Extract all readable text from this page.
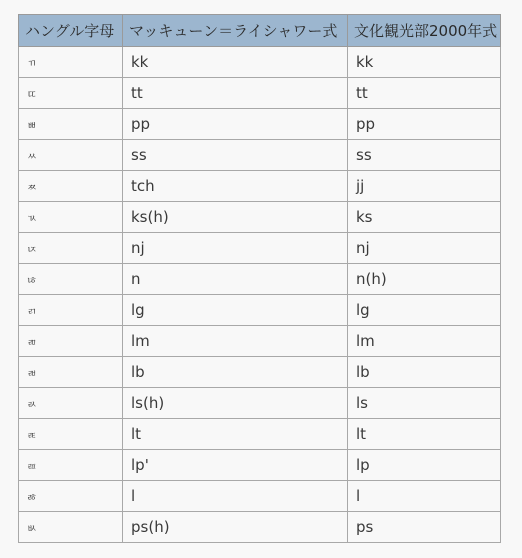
ハングル字母	マッキューン＝ライシャワー式	文化観光部2000年式
ㄲ	kk	kk
ㄸ	tt	tt
ㅃ	pp	pp
ㅆ	ss	ss
ㅉ	tch	jj
ㄳ	ks(h)	ks
ㄵ	nj	nj
ㄶ	n	n(h)
ㄺ	lg	lg
ㄻ	lm	lm
ㄼ	lb	lb
ㄽ	ls(h)	ls
ㄾ	lt	lt
ㄿ	lp'	lp
ㅀ	l	l
ㅄ	ps(h)	ps
